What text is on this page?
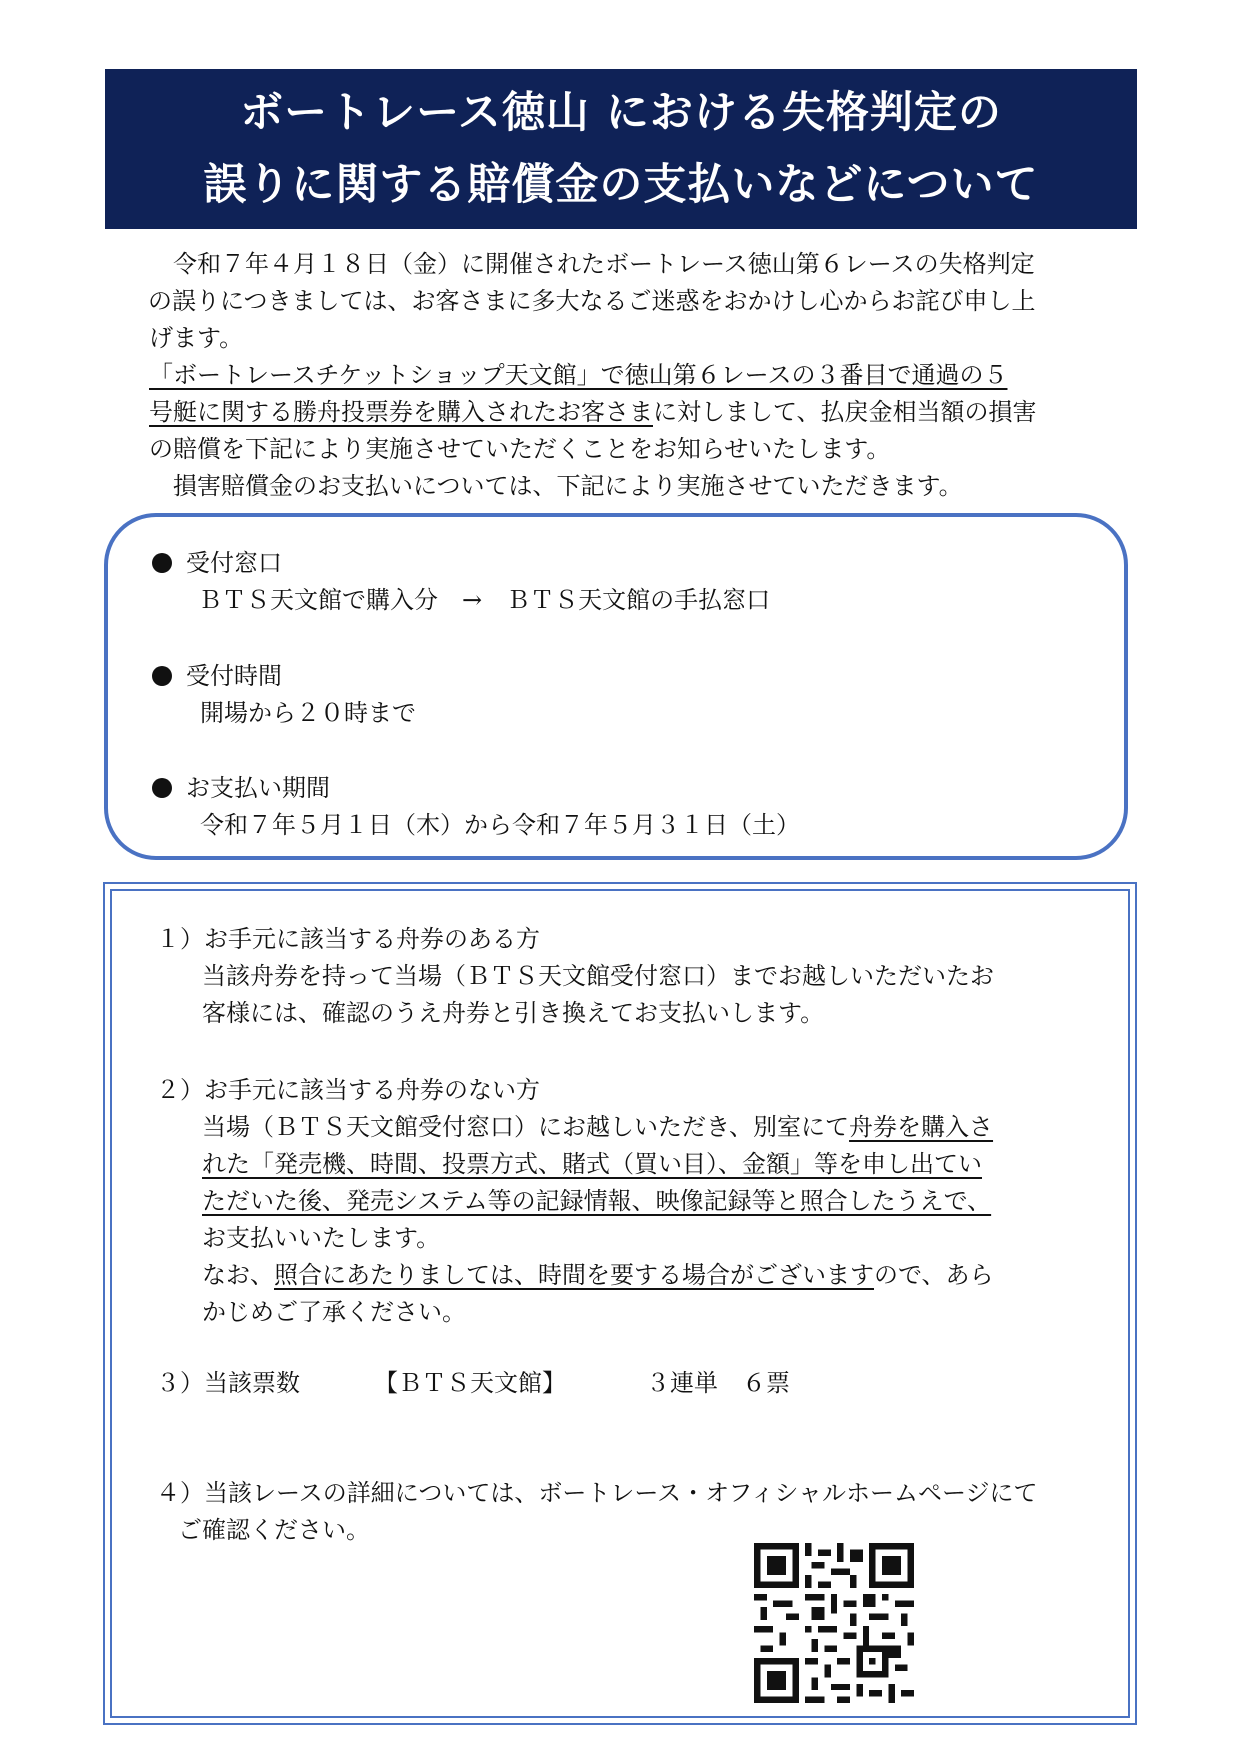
ボートレース徳山 における失格判定の
誤りに関する賠償金の支払いなどについて

令和７年４月１８日（金）に開催されたボートレース徳山第６レースの失格判定

の誤りにつきましては、お客さまに多大なるご迷惑をおかけし心からお詫び申し上

げます。

「ボートレースチケットショップ天文館」で徳山第６レースの３番目で通過の５

号艇に関する勝舟投票券を購入されたお客さまに対しまして、払戻金相当額の損害

の賠償を下記により実施させていただくことをお知らせいたします。

損害賠償金のお支払いについては、下記により実施させていただきます。

受付窓口
ＢＴＳ天文館で購入分　→　ＢＴＳ天文館の手払窓口
受付時間
開場から２０時まで
お支払い期間
令和７年５月１日（木）から令和７年５月３１日（土）
１）お手元に該当する舟券のある方
当該舟券を持って当場（ＢＴＳ天文館受付窓口）までお越しいただいたお
客様には、確認のうえ舟券と引き換えてお支払いします。
２）お手元に該当する舟券のない方
当場（ＢＴＳ天文館受付窓口）にお越しいただき、別室にて舟券を購入さ
れた「発売機、時間、投票方式、賭式（買い目）、金額」等を申し出てい
ただいた後、発売システム等の記録情報、映像記録等と照合したうえで、
お支払いいたします。
なお、照合にあたりましては、時間を要する場合がございますので、あら
かじめご了承ください。
３）当該票数	【ＢＴＳ天文館】	３連単　６票
４）当該レースの詳細については、ボートレース・オフィシャルホームページにて
ご確認ください。
